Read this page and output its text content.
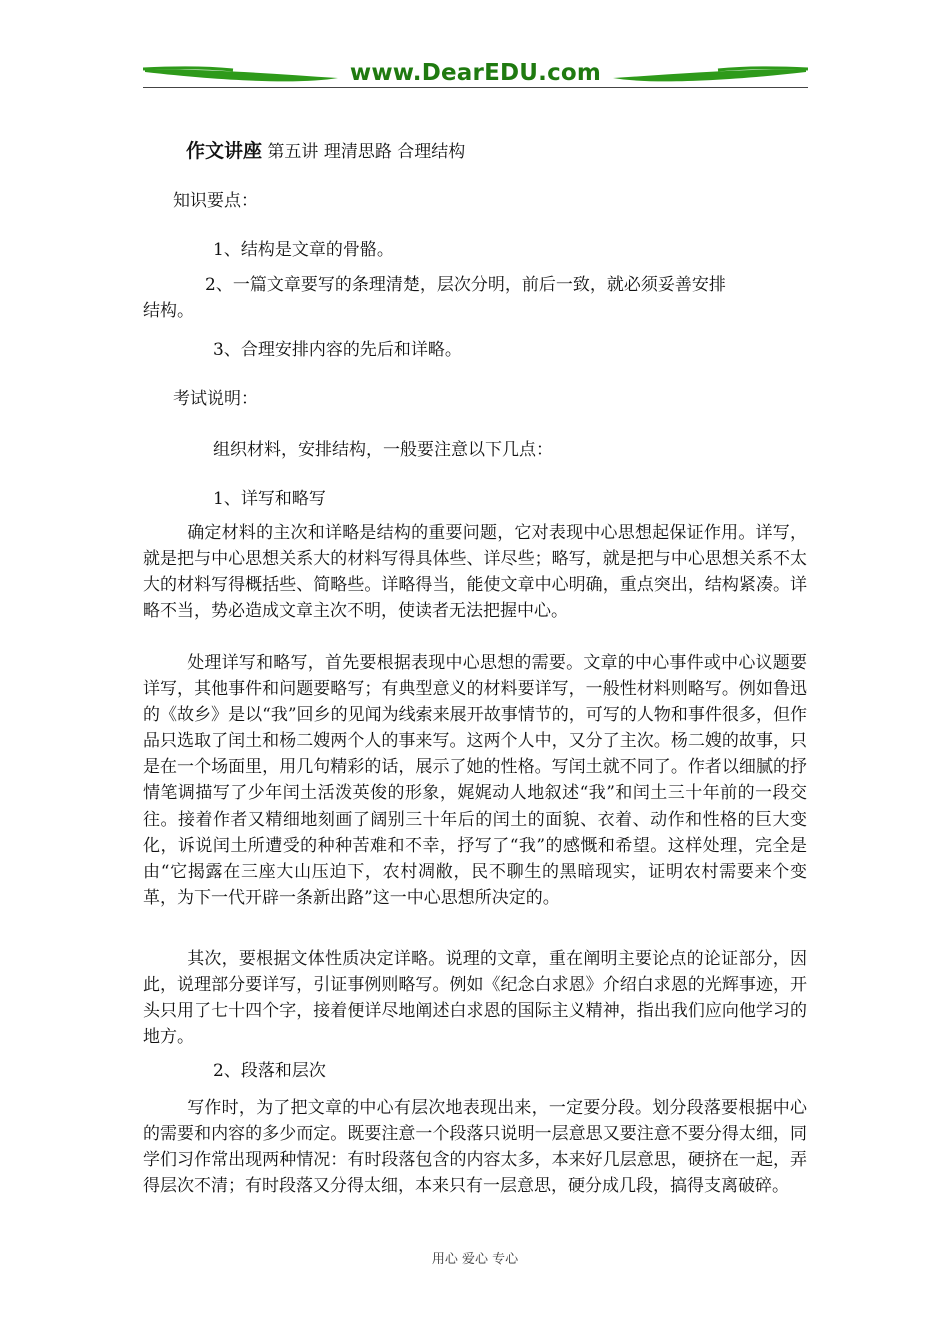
www.DearEDU.com
作文讲座 第五讲 理清思路 合理结构
知识要点：
1、结构是文章的骨骼。
2、一篇文章要写的条理清楚，层次分明，前后一致，就必须妥善安排
结构。
3、合理安排内容的先后和详略。
考试说明：
组织材料，安排结构，一般要注意以下几点：
1、详写和略写
确定材料的主次和详略是结构的重要问题，它对表现中心思想起保证作用。详写，就是把与中心思想关系大的材料写得具体些、详尽些；略写，就是把与中心思想关系不太大的材料写得概括些、简略些。详略得当，能使文章中心明确，重点突出，结构紧凑。详略不当，势必造成文章主次不明，使读者无法把握中心。
处理详写和略写，首先要根据表现中心思想的需要。文章的中心事件或中心议题要详写，其他事件和问题要略写；有典型意义的材料要详写，一般性材料则略写。例如鲁迅的《故乡》是以“我”回乡的见闻为线索来展开故事情节的，可写的人物和事件很多，但作品只选取了闰土和杨二嫂两个人的事来写。这两个人中，又分了主次。杨二嫂的故事，只是在一个场面里，用几句精彩的话，展示了她的性格。写闰土就不同了。作者以细腻的抒情笔调描写了少年闰土活泼英俊的形象，娓娓动人地叙述“我”和闰土三十年前的一段交往。接着作者又精细地刻画了阔别三十年后的闰土的面貌、衣着、动作和性格的巨大变化，诉说闰土所遭受的种种苦难和不幸，抒写了“我”的感慨和希望。这样处理，完全是由“它揭露在三座大山压迫下，农村凋敝，民不聊生的黑暗现实，证明农村需要来个变革，为下一代开辟一条新出路”这一中心思想所决定的。
其次，要根据文体性质决定详略。说理的文章，重在阐明主要论点的论证部分，因此，说理部分要详写，引证事例则略写。例如《纪念白求恩》介绍白求恩的光辉事迹，开头只用了七十四个字，接着便详尽地阐述白求恩的国际主义精神，指出我们应向他学习的地方。
2、段落和层次
写作时，为了把文章的中心有层次地表现出来，一定要分段。划分段落要根据中心的需要和内容的多少而定。既要注意一个段落只说明一层意思又要注意不要分得太细，同学们习作常出现两种情况：有时段落包含的内容太多，本来好几层意思，硬挤在一起，弄得层次不清；有时段落又分得太细，本来只有一层意思，硬分成几段，搞得支离破碎。
用心 爱心 专心
